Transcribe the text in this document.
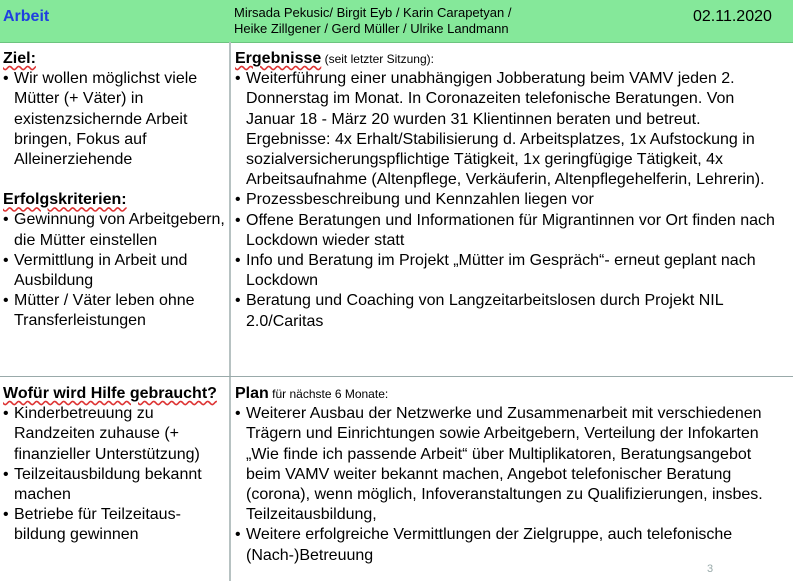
Arbeit	Mirsada Pekusic/ Birgit Eyb / Karin Carapetyan /
Heike Zillgener / Gerd Müller / Ulrike Landmann
02.11.2020
Ziel:
• Wir wollen möglichst viele Mütter (+ Väter) in existenzsichernde Arbeit bringen, Fokus auf Alleinerziehende
Erfolgskriterien:
• Gewinnung von Arbeitgebern, die Mütter einstellen
• Vermittlung in Arbeit und Ausbildung
• Mütter / Väter leben ohne Transferleistungen
Ergebnisse (seit letzter Sitzung):
• Weiterführung einer unabhängigen Jobberatung beim VAMV jeden 2. Donnerstag im Monat. In Coronazeiten telefonische Beratungen. Von Januar 18 - März 20 wurden 31 Klientinnen beraten und betreut. Ergebnisse: 4x Erhalt/Stabilisierung d. Arbeitsplatzes, 1x Aufstockung in sozialversicherungspflichtige Tätigkeit, 1x geringfügige Tätigkeit, 4x Arbeitsaufnahme (Altenpflege, Verkäuferin, Altenpflegehelferin, Lehrerin).
• Prozessbeschreibung und Kennzahlen liegen vor
• Offene Beratungen und Informationen für Migrantinnen vor Ort finden nach Lockdown wieder statt
• Info und Beratung im Projekt „Mütter im Gespräch“- erneut geplant nach Lockdown
• Beratung und Coaching von Langzeitarbeitslosen durch Projekt NIL 2.0/Caritas
Wofür wird Hilfe gebraucht?
• Kinderbetreuung zu Randzeiten zuhause (+ finanzieller Unterstützung)
• Teilzeitausbildung bekannt machen
• Betriebe für Teilzeitaus-bildung gewinnen
Plan für nächste 6 Monate:
• Weiterer Ausbau der Netzwerke und Zusammenarbeit mit verschiedenen Trägern und Einrichtungen sowie Arbeitgebern, Verteilung der Infokarten „Wie finde ich passende Arbeit“ über Multiplikatoren, Beratungsangebot beim VAMV weiter bekannt machen, Angebot telefonischer Beratung (corona), wenn möglich, Infoveranstaltungen zu Qualifizierungen, insbes. Teilzeitausbildung,
• Weitere erfolgreiche Vermittlungen der Zielgruppe, auch telefonische (Nach-)Betreuung
3
